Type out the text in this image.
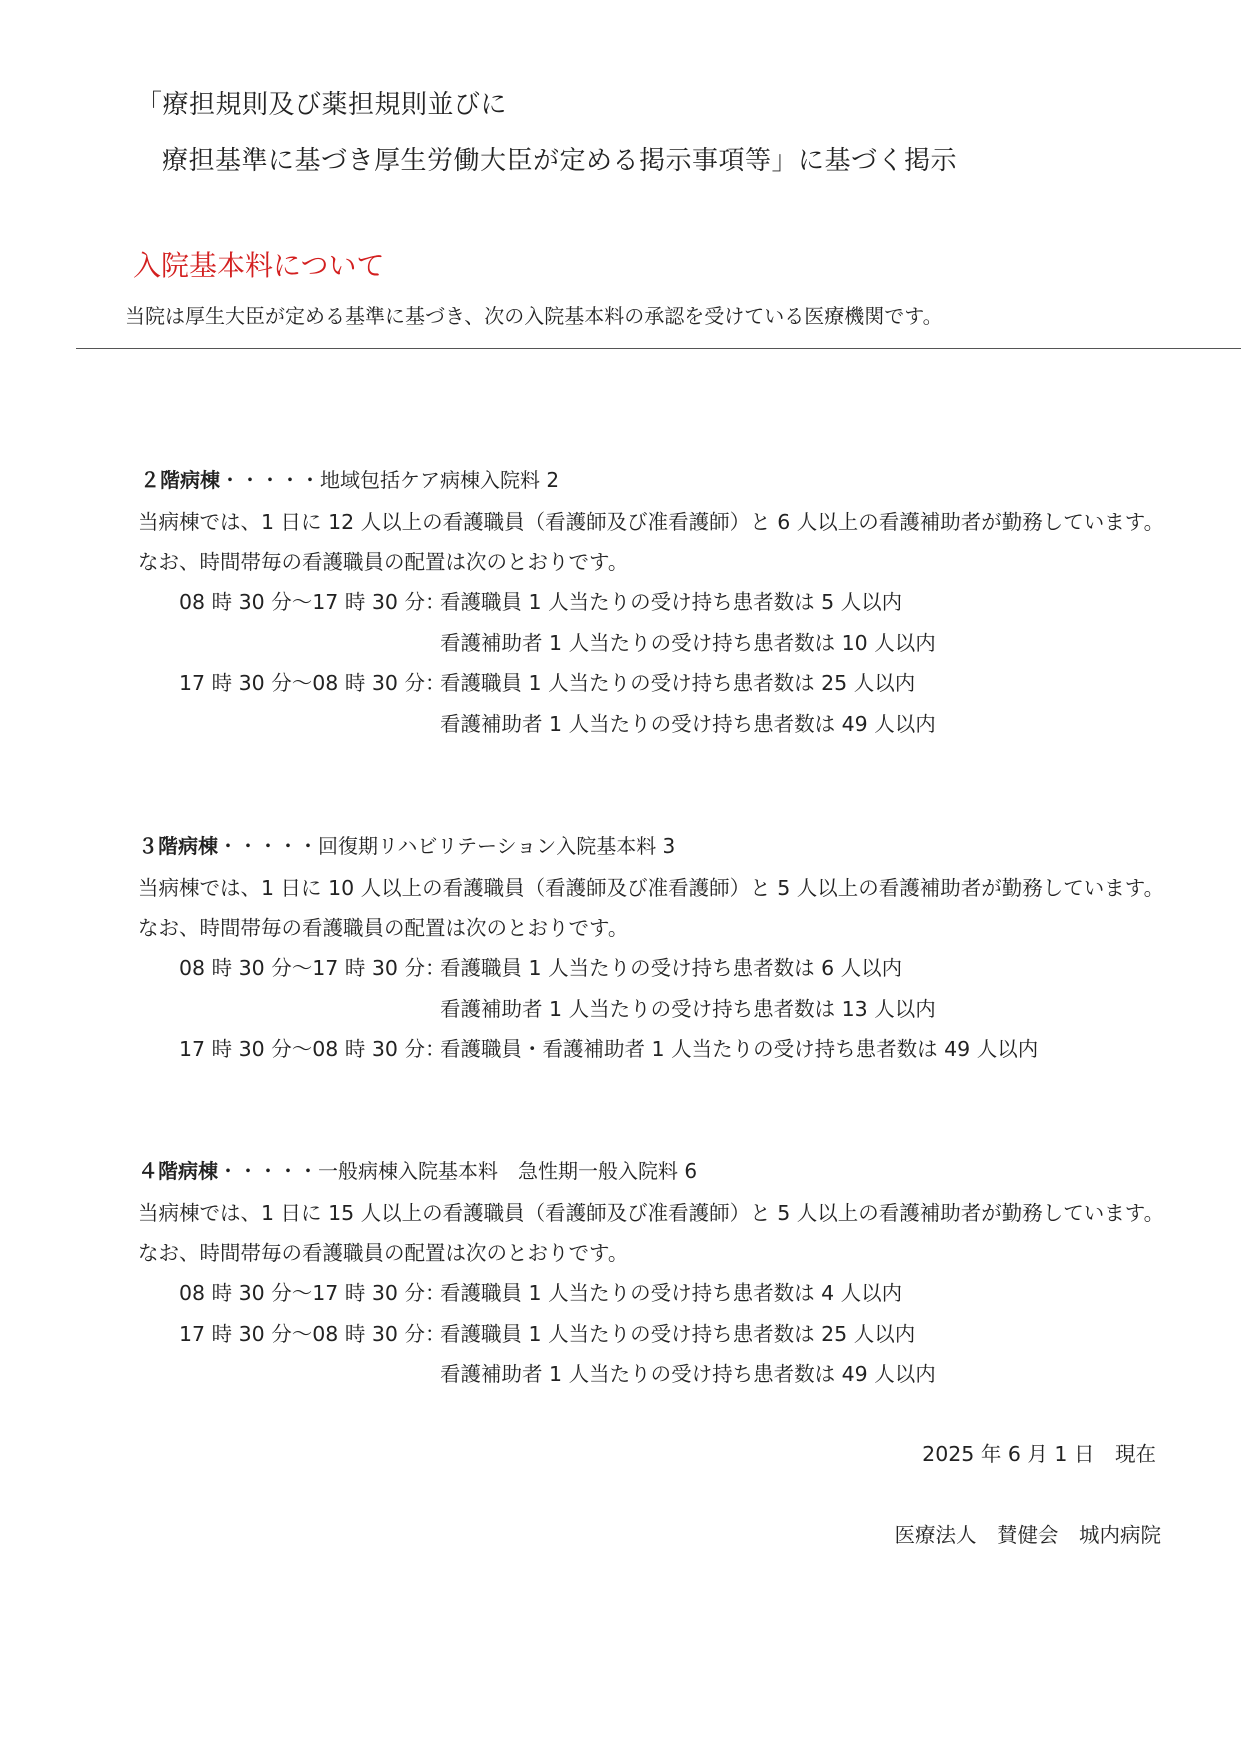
「療担規則及び薬担規則並びに
療担基準に基づき厚生労働大臣が定める掲示事項等」に基づく掲示
入院基本料について
当院は厚生大臣が定める基準に基づき、次の入院基本料の承認を受けている医療機関です。
２階病棟・・・・・地域包括ケア病棟入院料 2
当病棟では、1 日に 12 人以上の看護職員（看護師及び准看護師）と 6 人以上の看護補助者が勤務しています。
なお、時間帯毎の看護職員の配置は次のとおりです。
08 時 30 分～17 時 30 分：
看護職員 1 人当たりの受け持ち患者数は 5 人以内
看護補助者 1 人当たりの受け持ち患者数は 10 人以内
17 時 30 分～08 時 30 分：
看護職員 1 人当たりの受け持ち患者数は 25 人以内
看護補助者 1 人当たりの受け持ち患者数は 49 人以内
３階病棟・・・・・回復期リハビリテーション入院基本料 3
当病棟では、1 日に 10 人以上の看護職員（看護師及び准看護師）と 5 人以上の看護補助者が勤務しています。
なお、時間帯毎の看護職員の配置は次のとおりです。
08 時 30 分～17 時 30 分：
看護職員 1 人当たりの受け持ち患者数は 6 人以内
看護補助者 1 人当たりの受け持ち患者数は 13 人以内
17 時 30 分～08 時 30 分：
看護職員・看護補助者 1 人当たりの受け持ち患者数は 49 人以内
４階病棟・・・・・一般病棟入院基本料　急性期一般入院料 6
当病棟では、1 日に 15 人以上の看護職員（看護師及び准看護師）と 5 人以上の看護補助者が勤務しています。
なお、時間帯毎の看護職員の配置は次のとおりです。
08 時 30 分～17 時 30 分：
看護職員 1 人当たりの受け持ち患者数は 4 人以内
17 時 30 分～08 時 30 分：
看護職員 1 人当たりの受け持ち患者数は 25 人以内
看護補助者 1 人当たりの受け持ち患者数は 49 人以内
2025 年 6 月 1 日　現在
医療法人　賛健会　城内病院
